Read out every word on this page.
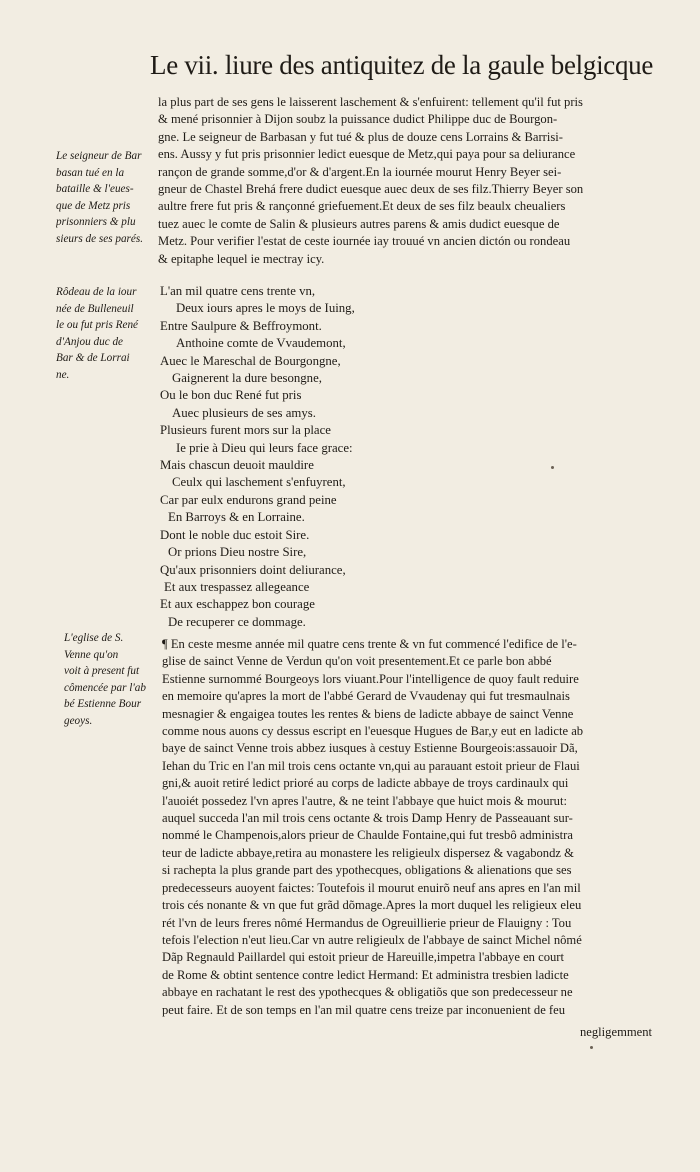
Le vii. liure des antiquitez de la gaule belgicque
la plus part de ses gens le laisserent laschement & s'enfuirent: tellement qu'il fut pris
& mené prisonnier à Dijon soubz la puissance dudict Philippe duc de Bourgon-
gne. Le seigneur de Barbasan y fut tué & plus de douze cens Lorrains & Barrisi-
ens. Aussy y fut pris prisonnier ledict euesque de Metz,qui paya pour sa deliurance
rançon de grande somme,d'or & d'argent.En la iournée mourut Henry Beyer sei-
gneur de Chastel Brehá frere dudict euesque auec deux de ses filz.Thierry Beyer son
aultre frere fut pris & rançonné griefuement.Et deux de ses filz beaulx cheualiers
tuez auec le comte de Salin & plusieurs autres parens & amis dudict euesque de
Metz. Pour verifier l'estat de ceste iournée iay trouué vn ancien dictón ou rondeau
& epitaphe lequel ie mectray icy.
Le seigneur de Bar
basan tué en la
bataille & l'eues-
que de Metz pris
prisonniers & plu
sieurs de ses parés.
Rôdeau de la iour
née de Bulleneuil
le ou fut pris René
d'Anjou duc de
Bar & de Lorrai
ne.
L'an mil quatre cens trente vn,
Deux iours apres le moys de Iuing,
Entre Saulpure & Beffroymont.
Anthoine comte de Vvaudemont,
Auec le Mareschal de Bourgongne,
Gaignerent la dure besongne,
Ou le bon duc René fut pris
Auec plusieurs de ses amys.
Plusieurs furent mors sur la place
Ie prie à Dieu qui leurs face grace:
Mais chascun deuoit mauldire
Ceulx qui laschement s'enfuyrent,
Car par eulx endurons grand peine
En Barroys & en Lorraine.
Dont le noble duc estoit Sire.
Or prions Dieu nostre Sire,
Qu'aux prisonniers doint deliurance,
Et aux trespassez allegeance
Et aux eschappez bon courage
De recuperer ce dommage.
L'eglise de S.
Venne qu'on
voit à present fut
cômencée par l'ab
bé Estienne Bour
geoys.
¶ En ceste mesme année mil quatre cens trente & vn fut commencé l'edifice de l'e-
glise de sainct Venne de Verdun qu'on voit presentement.Et ce parle bon abbé
Estienne surnommé Bourgeoys lors viuant.Pour l'intelligence de quoy fault reduire
en memoire qu'apres la mort de l'abbé Gerard de Vvaudenay qui fut tresmaulnais
mesnagier & engaigea toutes les rentes & biens de ladicte abbaye de sainct Venne
comme nous auons cy dessus escript en l'euesque Hugues de Bar,y eut en ladicte ab
baye de sainct Venne trois abbez iusques à cestuy Estienne Bourgeois:assauoir Dã,
Iehan du Tric en l'an mil trois cens octante vn,qui au parauant estoit prieur de Flaui
gni,& auoit retiré ledict prioré au corps de ladicte abbaye de troys cardinaulx qui
l'auoiét possedez l'vn apres l'autre, & ne teint l'abbaye que huict mois & mourut:
auquel succeda l'an mil trois cens octante & trois Damp Henry de Passeauant sur-
nommé le Champenois,alors prieur de Chaulde Fontaine,qui fut tresbô administra
teur de ladicte abbaye,retira au monastere les religieulx dispersez & vagabondz &
si rachepta la plus grande part des ypothecques, obligations & alienations que ses
predecesseurs auoyent faictes: Toutefois il mourut enuirõ neuf ans apres en l'an mil
trois cés nonante & vn que fut grãd dõmage.Apres la mort duquel les religieux eleu
rét l'vn de leurs freres nômé Hermandus de Ogreuillierie prieur de Flauigny : Tou
tefois l'election n'eut lieu.Car vn autre religieulx de l'abbaye de sainct Michel nômé
Dãp Regnauld Paillardel qui estoit prieur de Hareuille,impetra l'abbaye en court
de Rome & obtint sentence contre ledict Hermand: Et administra tresbien ladicte
abbaye en rachatant le rest des ypothecques & obligatiõs que son predecesseur ne
peut faire. Et de son temps en l'an mil quatre cens treize par inconuenient de feu
negligemment
